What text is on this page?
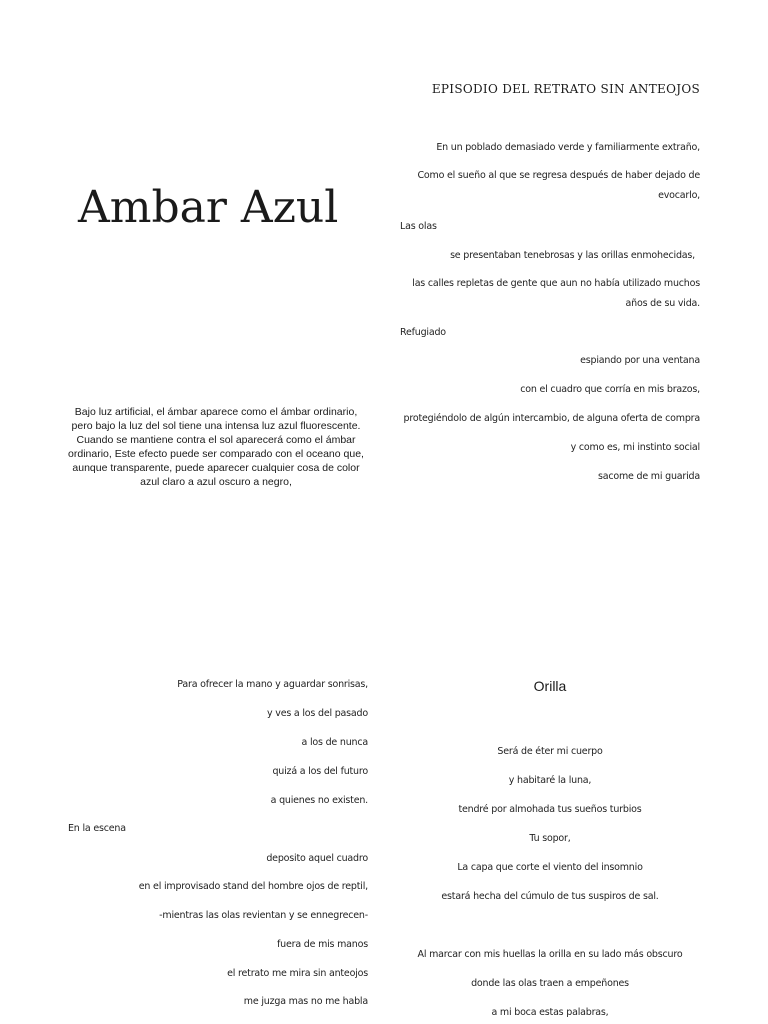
EPISODIO DEL RETRATO SIN ANTEOJOS
En un poblado demasiado verde y familiarmente extraño,
Como el sueño al que se regresa después de haber dejado de
evocarlo,
Las olas
se presentaban tenebrosas y las orillas enmohecidas,
las calles repletas de gente que aun no había utilizado muchos
años de su vida.
Refugiado
espiando por una ventana
con el cuadro que corría en mis brazos,
protegiéndolo de algún intercambio, de alguna oferta de compra
y como es, mi instinto social
sacome de mi guarida
Ambar Azul
Bajo luz artificial, el ámbar aparece como el ámbar ordinario, pero bajo la luz del sol tiene una intensa luz azul fluorescente. Cuando se mantiene contra el sol aparecerá como el ámbar ordinario, Este efecto puede ser comparado con el oceano que, aunque transparente, puede aparecer cualquier cosa de color azul claro a azul oscuro a negro,
Para ofrecer la mano y aguardar sonrisas,
y ves a los del pasado
a los de nunca
quizá a los del futuro
a quienes no existen.
En la escena
deposito aquel cuadro
en el improvisado stand del hombre ojos de reptil,
-mientras las olas revientan y se ennegrecen-
fuera de mis manos
el retrato me mira sin anteojos
me juzga mas no me habla
Orilla
Será de éter mi cuerpo
y habitaré la luna,
tendré por almohada tus sueños turbios
Tu sopor,
La capa que corte el viento del insomnio
estará hecha del cúmulo de tus suspiros de sal.
Al marcar con mis huellas la orilla en su lado más obscuro
donde las olas traen a empeñones
a mi boca estas palabras,
